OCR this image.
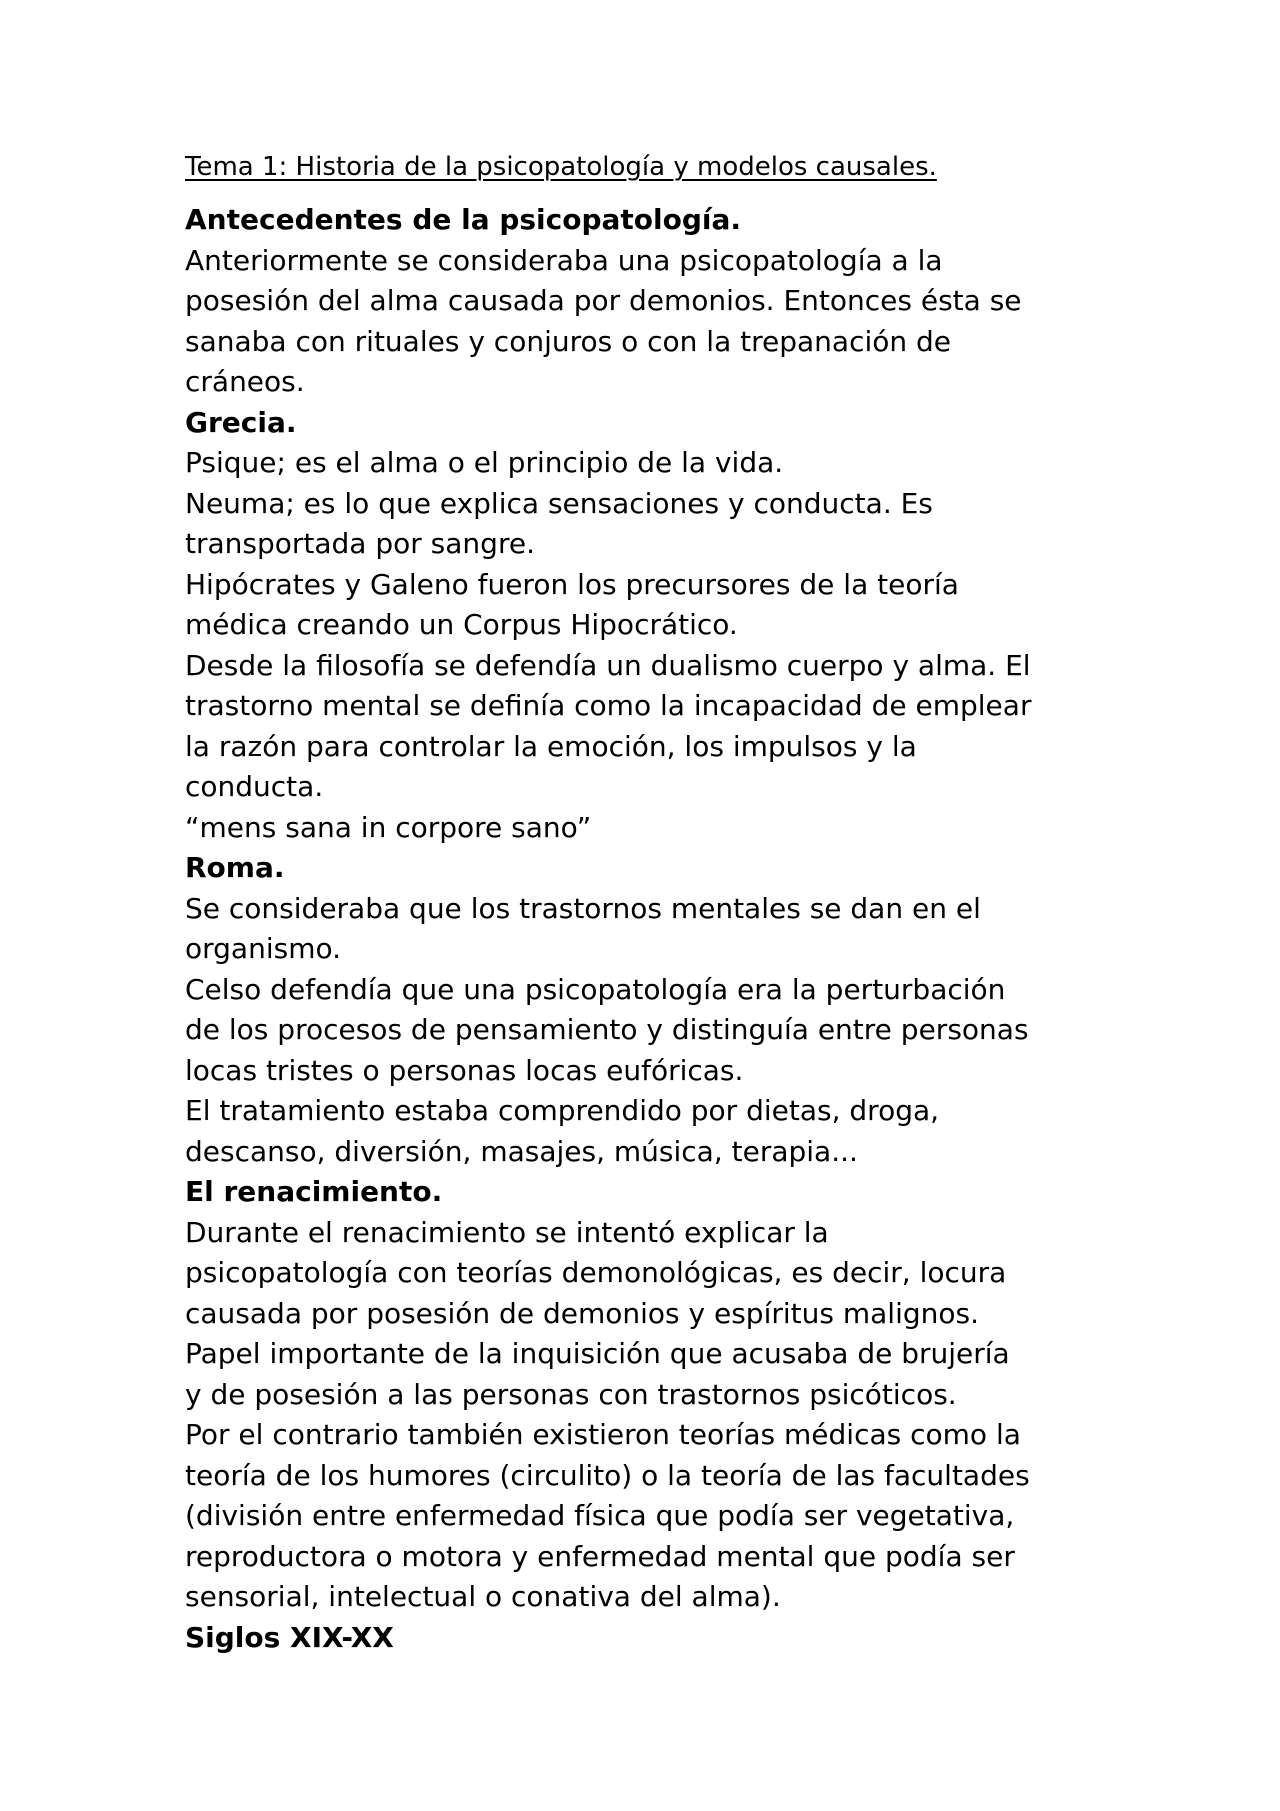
Tema 1: Historia de la psicopatología y modelos causales.

Antecedentes de la psicopatología.

Anteriormente se consideraba una psicopatología a la

posesión del alma causada por demonios. Entonces ésta se

sanaba con rituales y conjuros o con la trepanación de

cráneos.

Grecia.

Psique; es el alma o el principio de la vida.

Neuma; es lo que explica sensaciones y conducta. Es

transportada por sangre.

Hipócrates y Galeno fueron los precursores de la teoría

médica creando un Corpus Hipocrático.

Desde la filosofía se defendía un dualismo cuerpo y alma. El

trastorno mental se definía como la incapacidad de emplear

la razón para controlar la emoción, los impulsos y la

conducta.

“mens sana in corpore sano”

Roma.

Se consideraba que los trastornos mentales se dan en el

organismo.

Celso defendía que una psicopatología era la perturbación

de los procesos de pensamiento y distinguía entre personas

locas tristes o personas locas eufóricas.

El tratamiento estaba comprendido por dietas, droga,

descanso, diversión, masajes, música, terapia...

El renacimiento.

Durante el renacimiento se intentó explicar la

psicopatología con teorías demonológicas, es decir, locura

causada por posesión de demonios y espíritus malignos.

Papel importante de la inquisición que acusaba de brujería

y de posesión a las personas con trastornos psicóticos.

Por el contrario también existieron teorías médicas como la

teoría de los humores (circulito) o la teoría de las facultades

(división entre enfermedad física que podía ser vegetativa,

reproductora o motora y enfermedad mental que podía ser

sensorial, intelectual o conativa del alma).

Siglos XIX-XX
